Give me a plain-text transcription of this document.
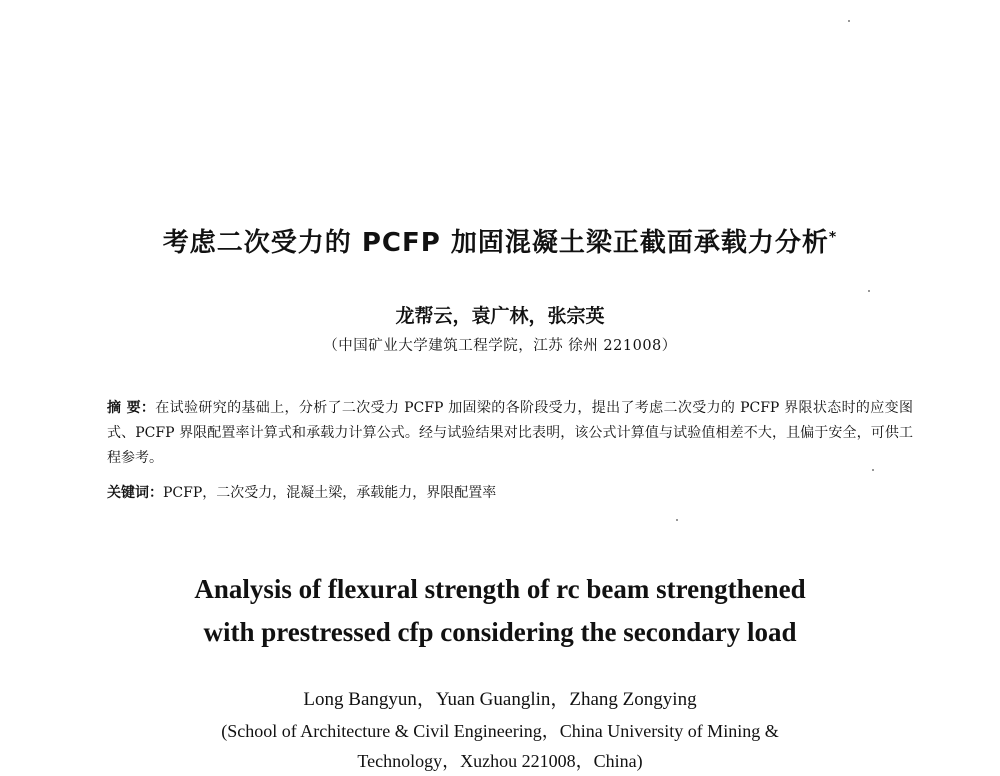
考虑二次受力的 PCFP 加固混凝土梁正截面承载力分析*
龙帮云，袁广林，张宗英
（中国矿业大学建筑工程学院，江苏 徐州 221008）
摘 要：在试验研究的基础上，分析了二次受力 PCFP 加固梁的各阶段受力，提出了考虑二次受力的 PCFP 界限状态时的应变图式、PCFP 界限配置率计算式和承载力计算公式。经与试验结果对比表明，该公式计算值与试验值相差不大，且偏于安全，可供工程参考。
关键词：PCFP，二次受力，混凝土梁，承载能力，界限配置率
Analysis of flexural strength of rc beam strengthened
with prestressed cfp considering the secondary load
Long Bangyun，Yuan Guanglin，Zhang Zongying
(School of Architecture & Civil Engineering，China University of Mining &
Technology，Xuzhou 221008，China)
